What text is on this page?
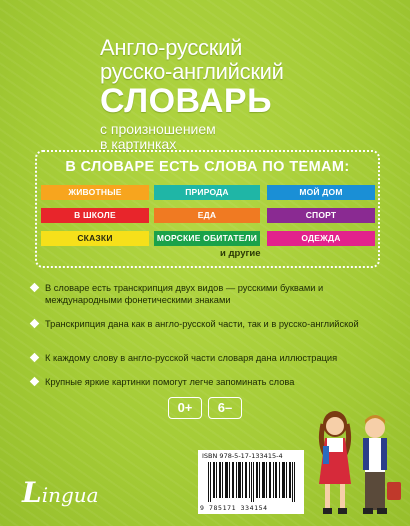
Англо-русский
русско-английский
СЛОВАРЬ
с произношением
в картинках
В СЛОВАРЕ ЕСТЬ СЛОВА ПО ТЕМАМ:
ЖИВОТНЫЕ	ПРИРОДА	МОЙ ДОМ
В ШКОЛЕ	ЕДА	СПОРТ
СКАЗКИ	МОРСКИЕ ОБИТАТЕЛИ	ОДЕЖДА
и другие
В словаре есть транскрипция двух видов — русскими буквами и международными фонетическими знаками
Транскрипция дана как в англо-русской части, так и в русско-английской
К каждому слову в англо-русской части словаря дана иллюстрация
Крупные яркие картинки помогут легче запоминать слова
0+	6–
Lingua
ISBN 978-5-17-133415-4
9 785171 334154
